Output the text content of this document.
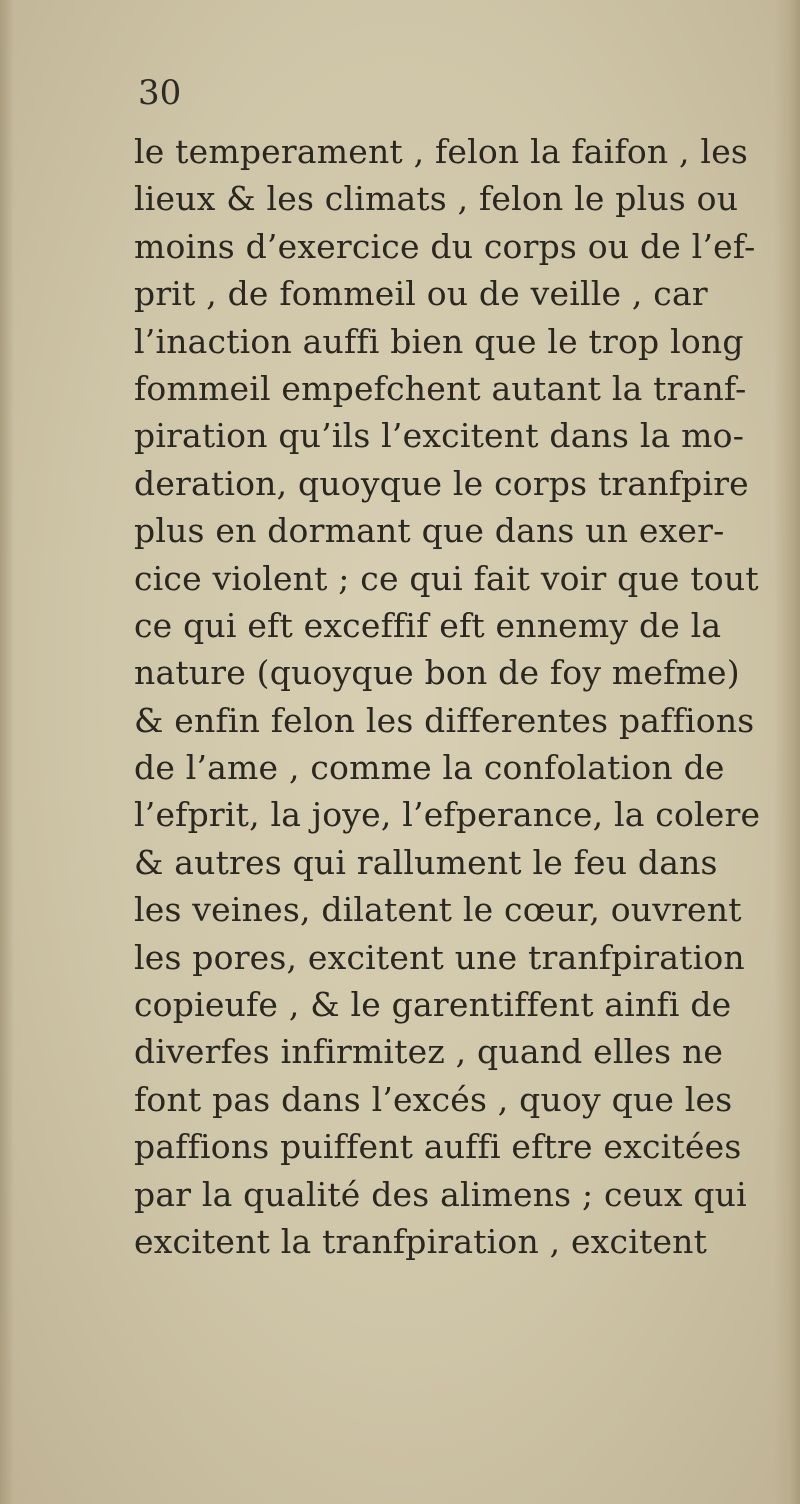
30
le temperament , felon la faifon , les
lieux & les climats , felon le plus ou
moins d’exercice du corps ou de l’ef-
prit , de fommeil ou de veille , car
l’inaction auffi bien que le trop long
fommeil empefchent autant la tranf-
piration qu’ils l’excitent dans la mo-
deration, quoyque le corps tranfpire
plus en dormant que dans un exer-
cice violent ; ce qui fait voir que tout
ce qui eft exceffif eft ennemy de la
nature (quoyque bon de foy mefme)
& enfin felon les differentes paffions
de l’ame , comme la confolation de
l’efprit, la joye, l’efperance, la colere
& autres qui rallument le feu dans
les veines, dilatent le cœur, ouvrent
les pores, excitent une tranfpiration
copieufe , & le garentiffent ainfi de
diverfes infirmitez , quand elles ne
font pas dans l’excés , quoy que les
paffions puiffent auffi eftre excitées
par la qualité des alimens ; ceux qui
excitent la tranfpiration , excitent
